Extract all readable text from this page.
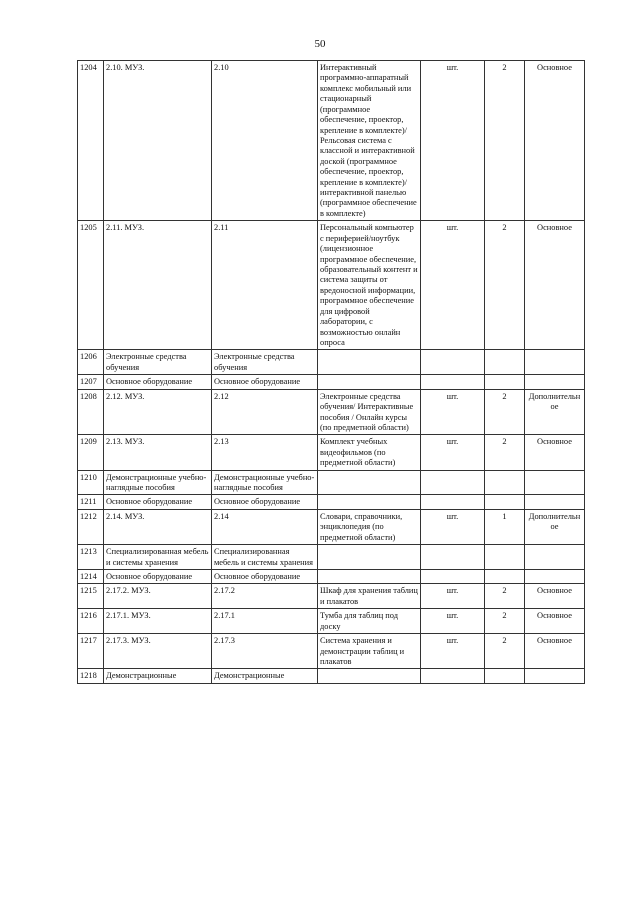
50
1204	2.10. МУЗ.	2.10	Интерактивный программно-аппаратный комплекс мобильный или стационарный (программное обеспечение, проектор, крепление в комплекте)/Рельсовая система с классной и интерактивной доской (программное обеспечение, проектор, крепление в комплекте)/ интерактивной панелью (программное обеспечение в комплекте)	шт.	2	Основное
1205	2.11. МУЗ.	2.11	Персональный компьютер с периферией/ноутбук (лицензионное программное обеспечение, образовательный контент и система защиты от вредоносной информации, программное обеспечение для цифровой лаборатории, с возможностью онлайн опроса	шт.	2	Основное
1206	Электронные средства обучения	Электронные средства обучения				
1207	Основное оборудование	Основное оборудование				
1208	2.12. МУЗ.	2.12	Электронные средства обучения/ Интерактивные пособия / Онлайн курсы (по предметной области)	шт.	2	Дополнительное
1209	2.13. МУЗ.	2.13	Комплект учебных видеофильмов (по предметной области)	шт.	2	Основное
1210	Демонстрационные учебно-наглядные пособия	Демонстрационные учебно-наглядные пособия				
1211	Основное оборудование	Основное оборудование				
1212	2.14. МУЗ.	2.14	Словари, справочники, энциклопедия (по предметной области)	шт.	1	Дополнительное
1213	Специализированная мебель и системы хранения	Специализированная мебель и системы хранения				
1214	Основное оборудование	Основное оборудование				
1215	2.17.2. МУЗ.	2.17.2	Шкаф для хранения таблиц и плакатов	шт.	2	Основное
1216	2.17.1. МУЗ.	2.17.1	Тумба для таблиц под доску	шт.	2	Основное
1217	2.17.3. МУЗ.	2.17.3	Система хранения и демонстрации таблиц и плакатов	шт.	2	Основное
1218	Демонстрационные	Демонстрационные				
